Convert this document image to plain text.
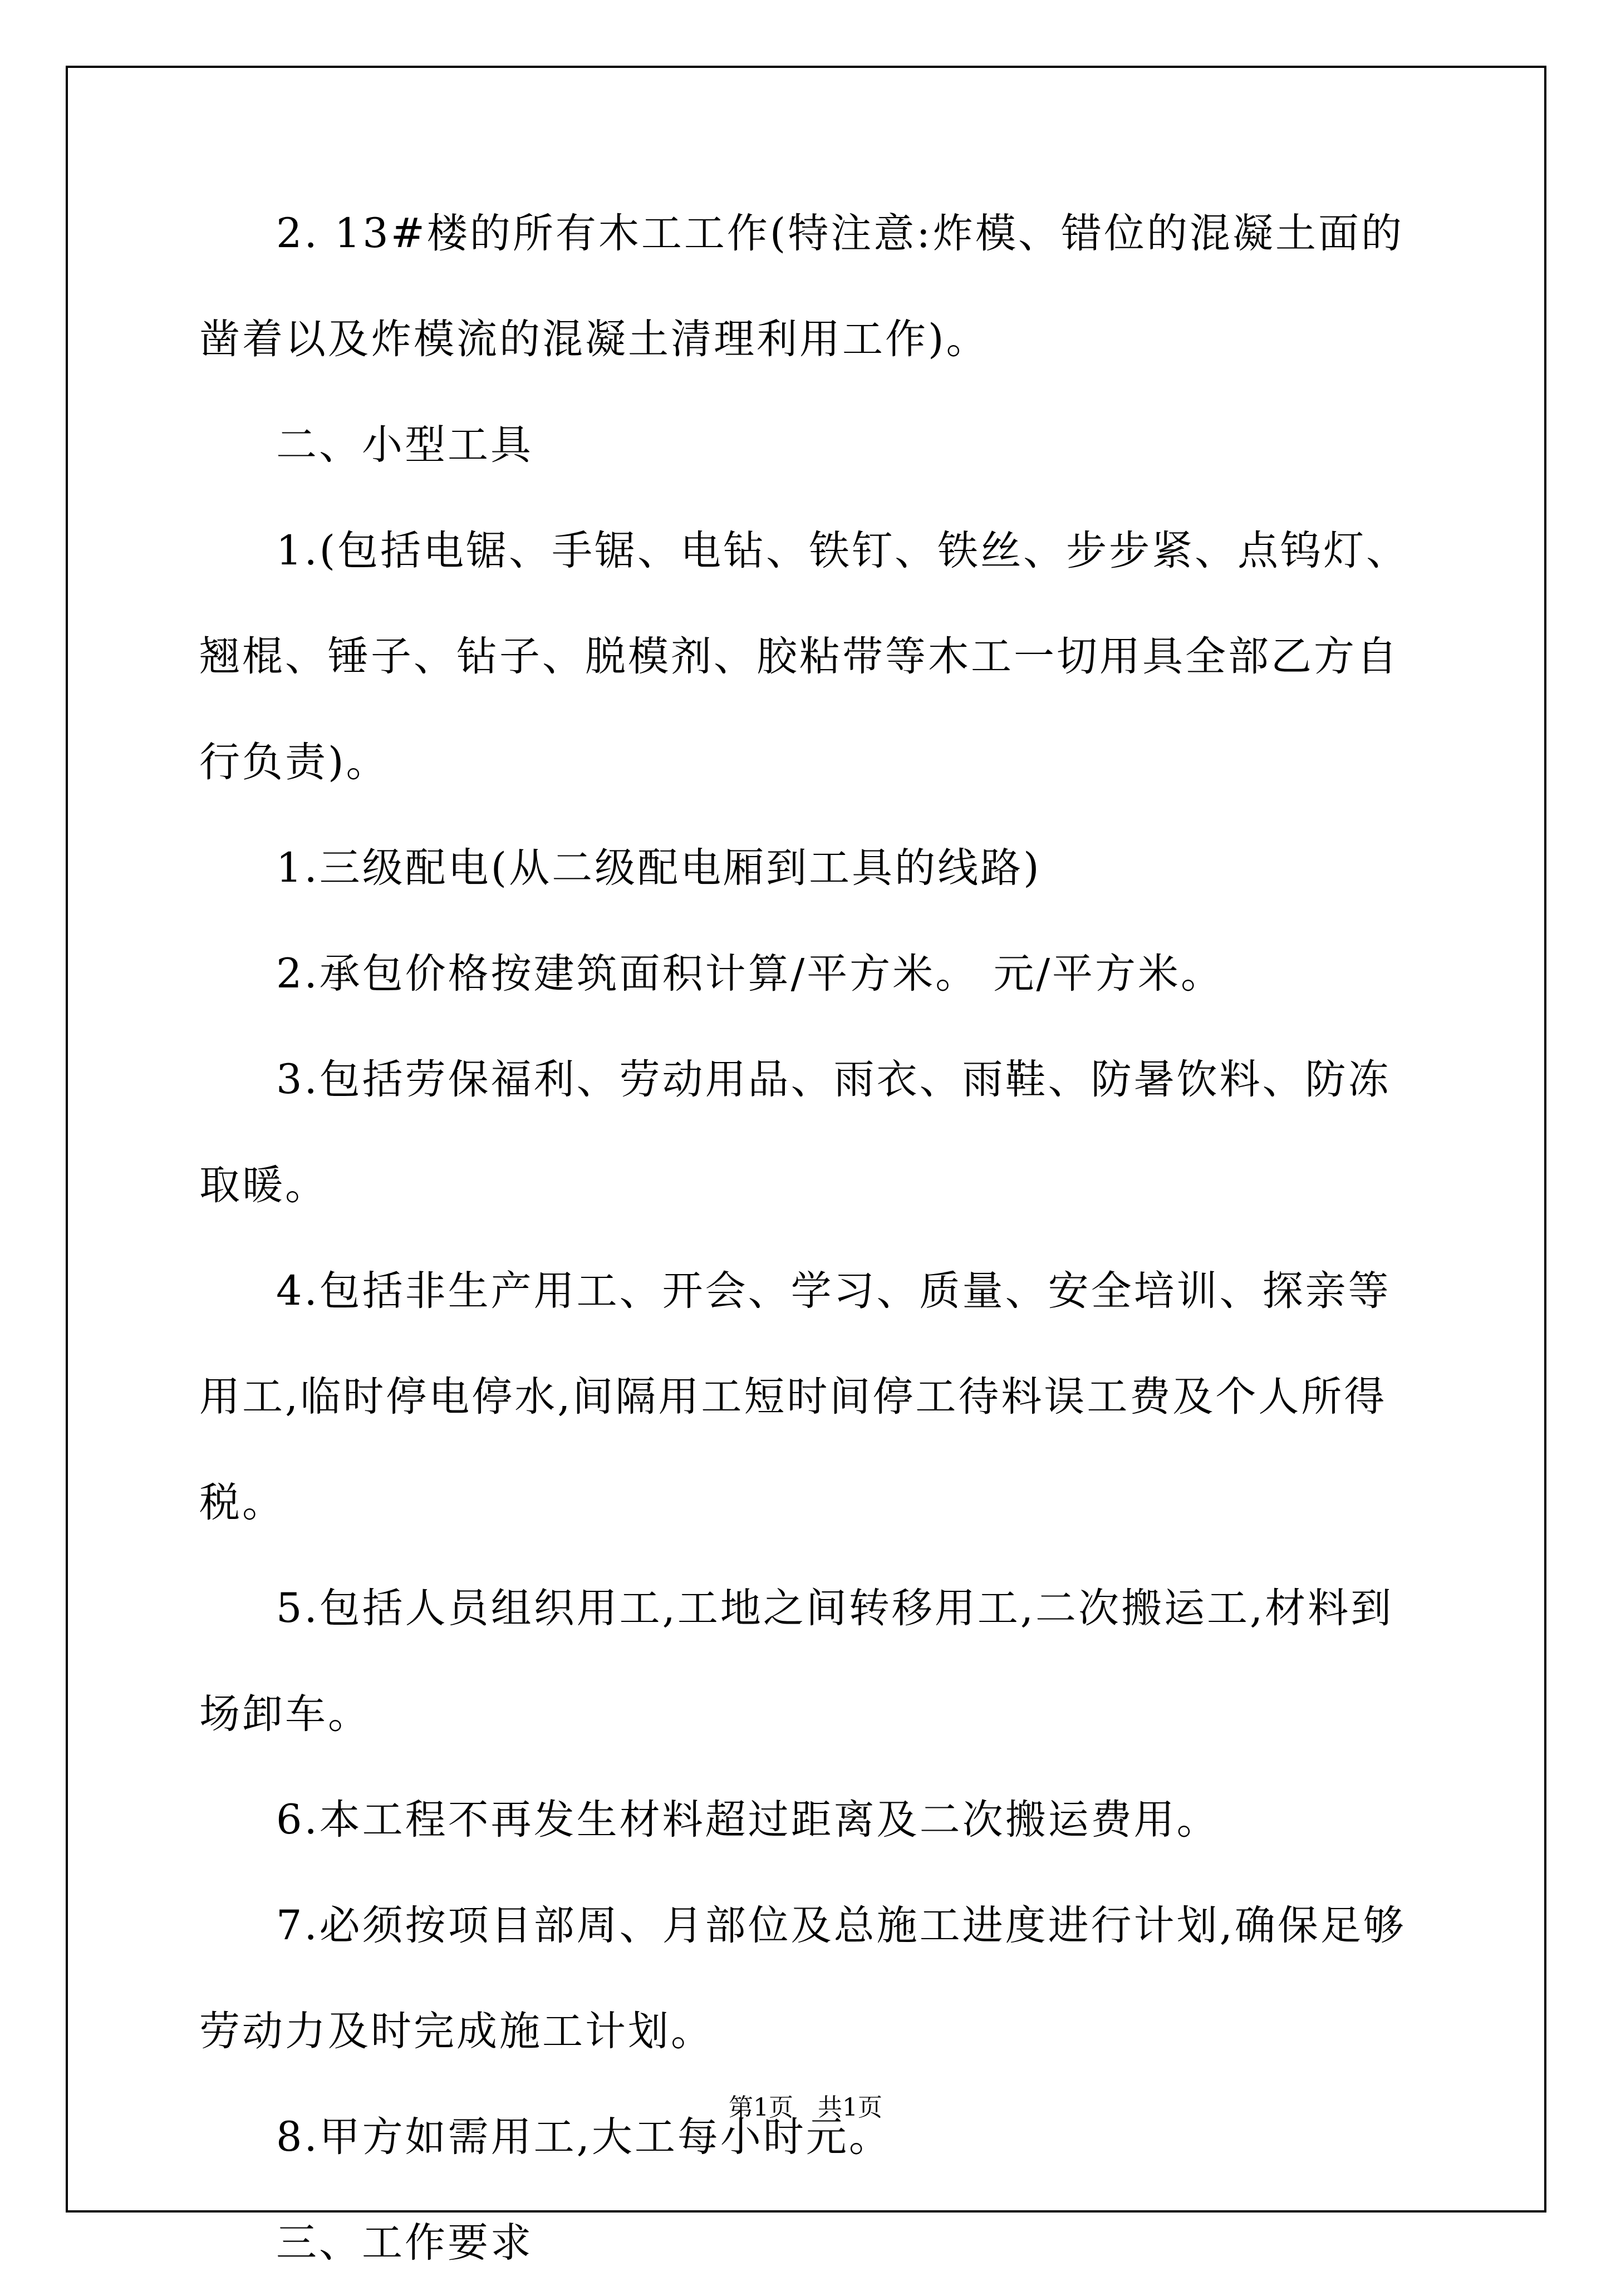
2. 13#楼的所有木工工作(特注意:炸模、错位的混凝土面的凿着以及炸模流的混凝土清理利用工作)。

二、小型工具

1.(包括电锯、手锯、电钻、铁钉、铁丝、步步紧、点钨灯、翘棍、锤子、钻子、脱模剂、胶粘带等木工一切用具全部乙方自行负责)。

1.三级配电(从二级配电厢到工具的线路)

2.承包价格按建筑面积计算/平方米。 元/平方米。

3.包括劳保福利、劳动用品、雨衣、雨鞋、防暑饮料、防冻取暖。

4.包括非生产用工、开会、学习、质量、安全培训、探亲等用工,临时停电停水,间隔用工短时间停工待料误工费及个人所得税。

5.包括人员组织用工,工地之间转移用工,二次搬运工,材料到场卸车。

6.本工程不再发生材料超过距离及二次搬运费用。

7.必须按项目部周、月部位及总施工进度进行计划,确保足够劳动力及时完成施工计划。

8.甲方如需用工,大工每小时元。

三、工作要求

第1页　共1页
